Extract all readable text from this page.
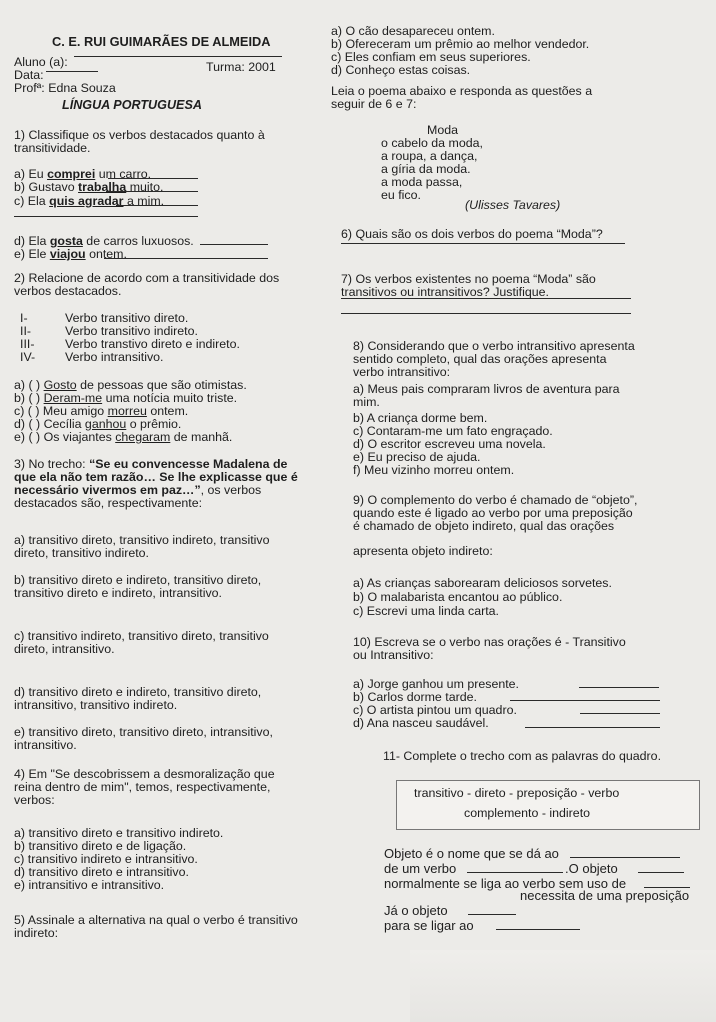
C. E. RUI GUIMARÃES DE ALMEIDA
Aluno (a):
Data:
Turma: 2001
Profª: Edna Souza
LÍNGUA PORTUGUESA
1) Classifique os verbos destacados quanto à
transitividade.
a) Eu comprei um carro.
b) Gustavo trabalha muito.
c) Ela quis agradar a mim.
d) Ela gosta de carros luxuosos.
e) Ele viajou ontem.
2) Relacione de acordo com a transitividade dos
verbos destacados.
I-	Verbo transitivo direto.
II-	Verbo transitivo indireto.
III- Verbo transtivo direto e indireto.
IV- Verbo intransitivo.
a) ( ) Gosto de pessoas que são otimistas.
b) ( ) Deram-me uma notícia muito triste.
c) ( ) Meu amigo morreu ontem.
d) ( ) Cecília ganhou o prêmio.
e) ( ) Os viajantes chegaram de manhã.
3) No trecho: “Se eu convencesse Madalena de
que ela não tem razão… Se lhe explicasse que é
necessário vivermos em paz…”, os verbos
destacados são, respectivamente:
a) transitivo direto, transitivo indireto, transitivo
direto, transitivo indireto.
b) transitivo direto e indireto, transitivo direto,
transitivo direto e indireto, intransitivo.
c) transitivo indireto, transitivo direto, transitivo
direto, intransitivo.
d) transitivo direto e indireto, transitivo direto,
intransitivo, transitivo indireto.
e) transitivo direto, transitivo direto, intransitivo,
intransitivo.
4) Em "Se descobrissem a desmoralização que
reina dentro de mim", temos, respectivamente,
verbos:
a) transitivo direto e transitivo indireto.
b) transitivo direto e de ligação.
c) transitivo indireto e intransitivo.
d) transitivo direto e intransitivo.
e) intransitivo e intransitivo.
5) Assinale a alternativa na qual o verbo é transitivo
indireto:
a) O cão desapareceu ontem.
b) Ofereceram um prêmio ao melhor vendedor.
c) Eles confiam em seus superiores.
d) Conheço estas coisas.
Leia o poema abaixo e responda as questões a
seguir de 6 e 7:
Moda
o cabelo da moda,
a roupa, a dança,
a gíria da moda.
a moda passa,
eu fico.
(Ulisses Tavares)
6) Quais são os dois verbos do poema “Moda”?
7) Os verbos existentes no poema “Moda” são
transitivos ou intransitivos? Justifique.
8) Considerando que o verbo intransitivo apresenta
sentido completo, qual das orações apresenta
verbo intransitivo:
a) Meus pais compraram livros de aventura para
mim.
b) A criança dorme bem.
c) Contaram-me um fato engraçado.
d) O escritor escreveu uma novela.
e) Eu preciso de ajuda.
f) Meu vizinho morreu ontem.
9) O complemento do verbo é chamado de “objeto”,
quando este é ligado ao verbo por uma preposição
é chamado de objeto indireto, qual das orações
apresenta objeto indireto:
a) As crianças saborearam deliciosos sorvetes.
b) O malabarista encantou ao público.
c) Escrevi uma linda carta.
10) Escreva se o verbo nas orações é - Transitivo
ou Intransitivo:
a) Jorge ganhou um presente.
b) Carlos dorme tarde.
c) O artista pintou um quadro.
d) Ana nasceu saudável.
11- Complete o trecho com as palavras do quadro.
transitivo - direto - preposição - verbo
complemento - indireto
Objeto é o nome que se dá ao
de um verbo	.O objeto
normalmente se liga ao verbo sem uso de
Já o objeto
necessita de uma preposição
para se ligar ao
